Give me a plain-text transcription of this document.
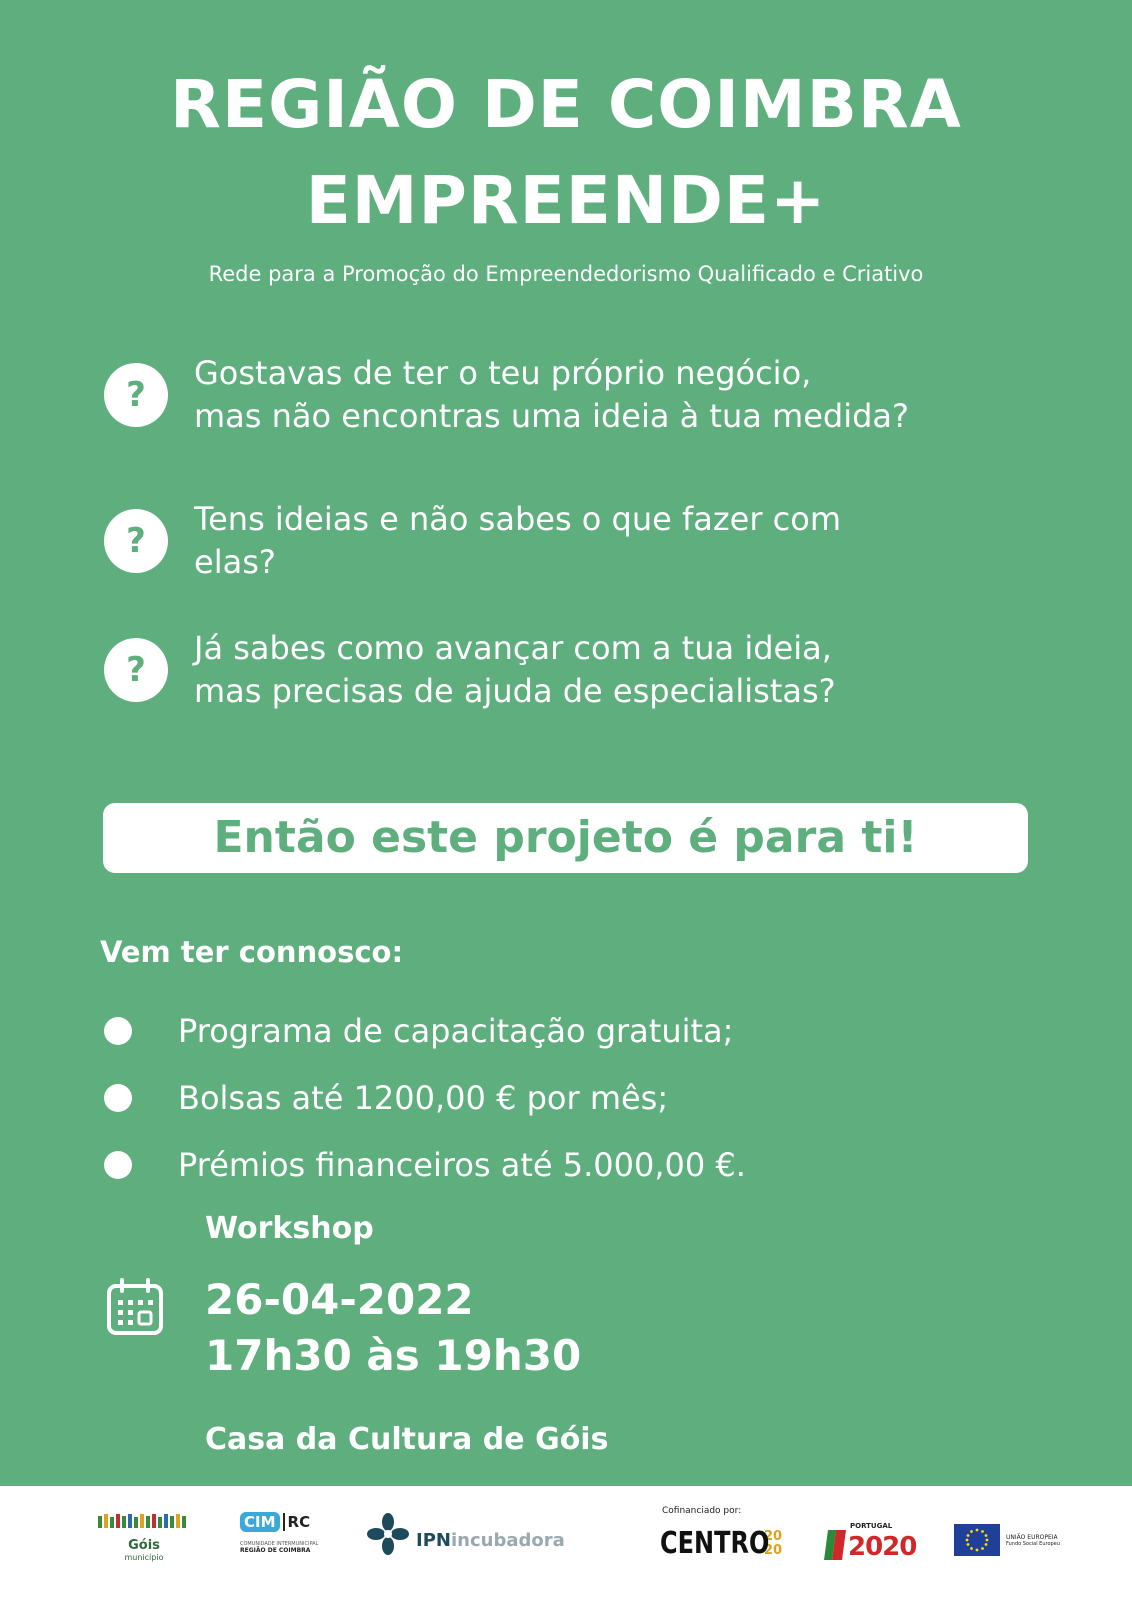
REGIÃO DE COIMBRA
EMPREENDE+
Rede para a Promoção do Empreendedorismo Qualificado e Criativo
?
Gostavas de ter o teu próprio negócio,
mas não encontras uma ideia à tua medida?
?
Tens ideias e não sabes o que fazer com
elas?
?
Já sabes como avançar com a tua ideia,
mas precisas de ajuda de especialistas?
Então este projeto é para ti!
Vem ter connosco:
Programa de capacitação gratuita;
Bolsas até 1200,00 € por mês;
Prémios financeiros até 5.000,00 €.
Workshop
26-04-2022
17h30 às 19h30
Casa da Cultura de Góis
Góis
município
CIM RC
COMUNIDADE INTERMUNICIPAL
REGIÃO DE COIMBRA	IPNincubadora
Cofinanciado por:
CENTRO
2020
PORTUGAL
2020	UNIÃO EUROPEIA
Fundo Social Europeu
